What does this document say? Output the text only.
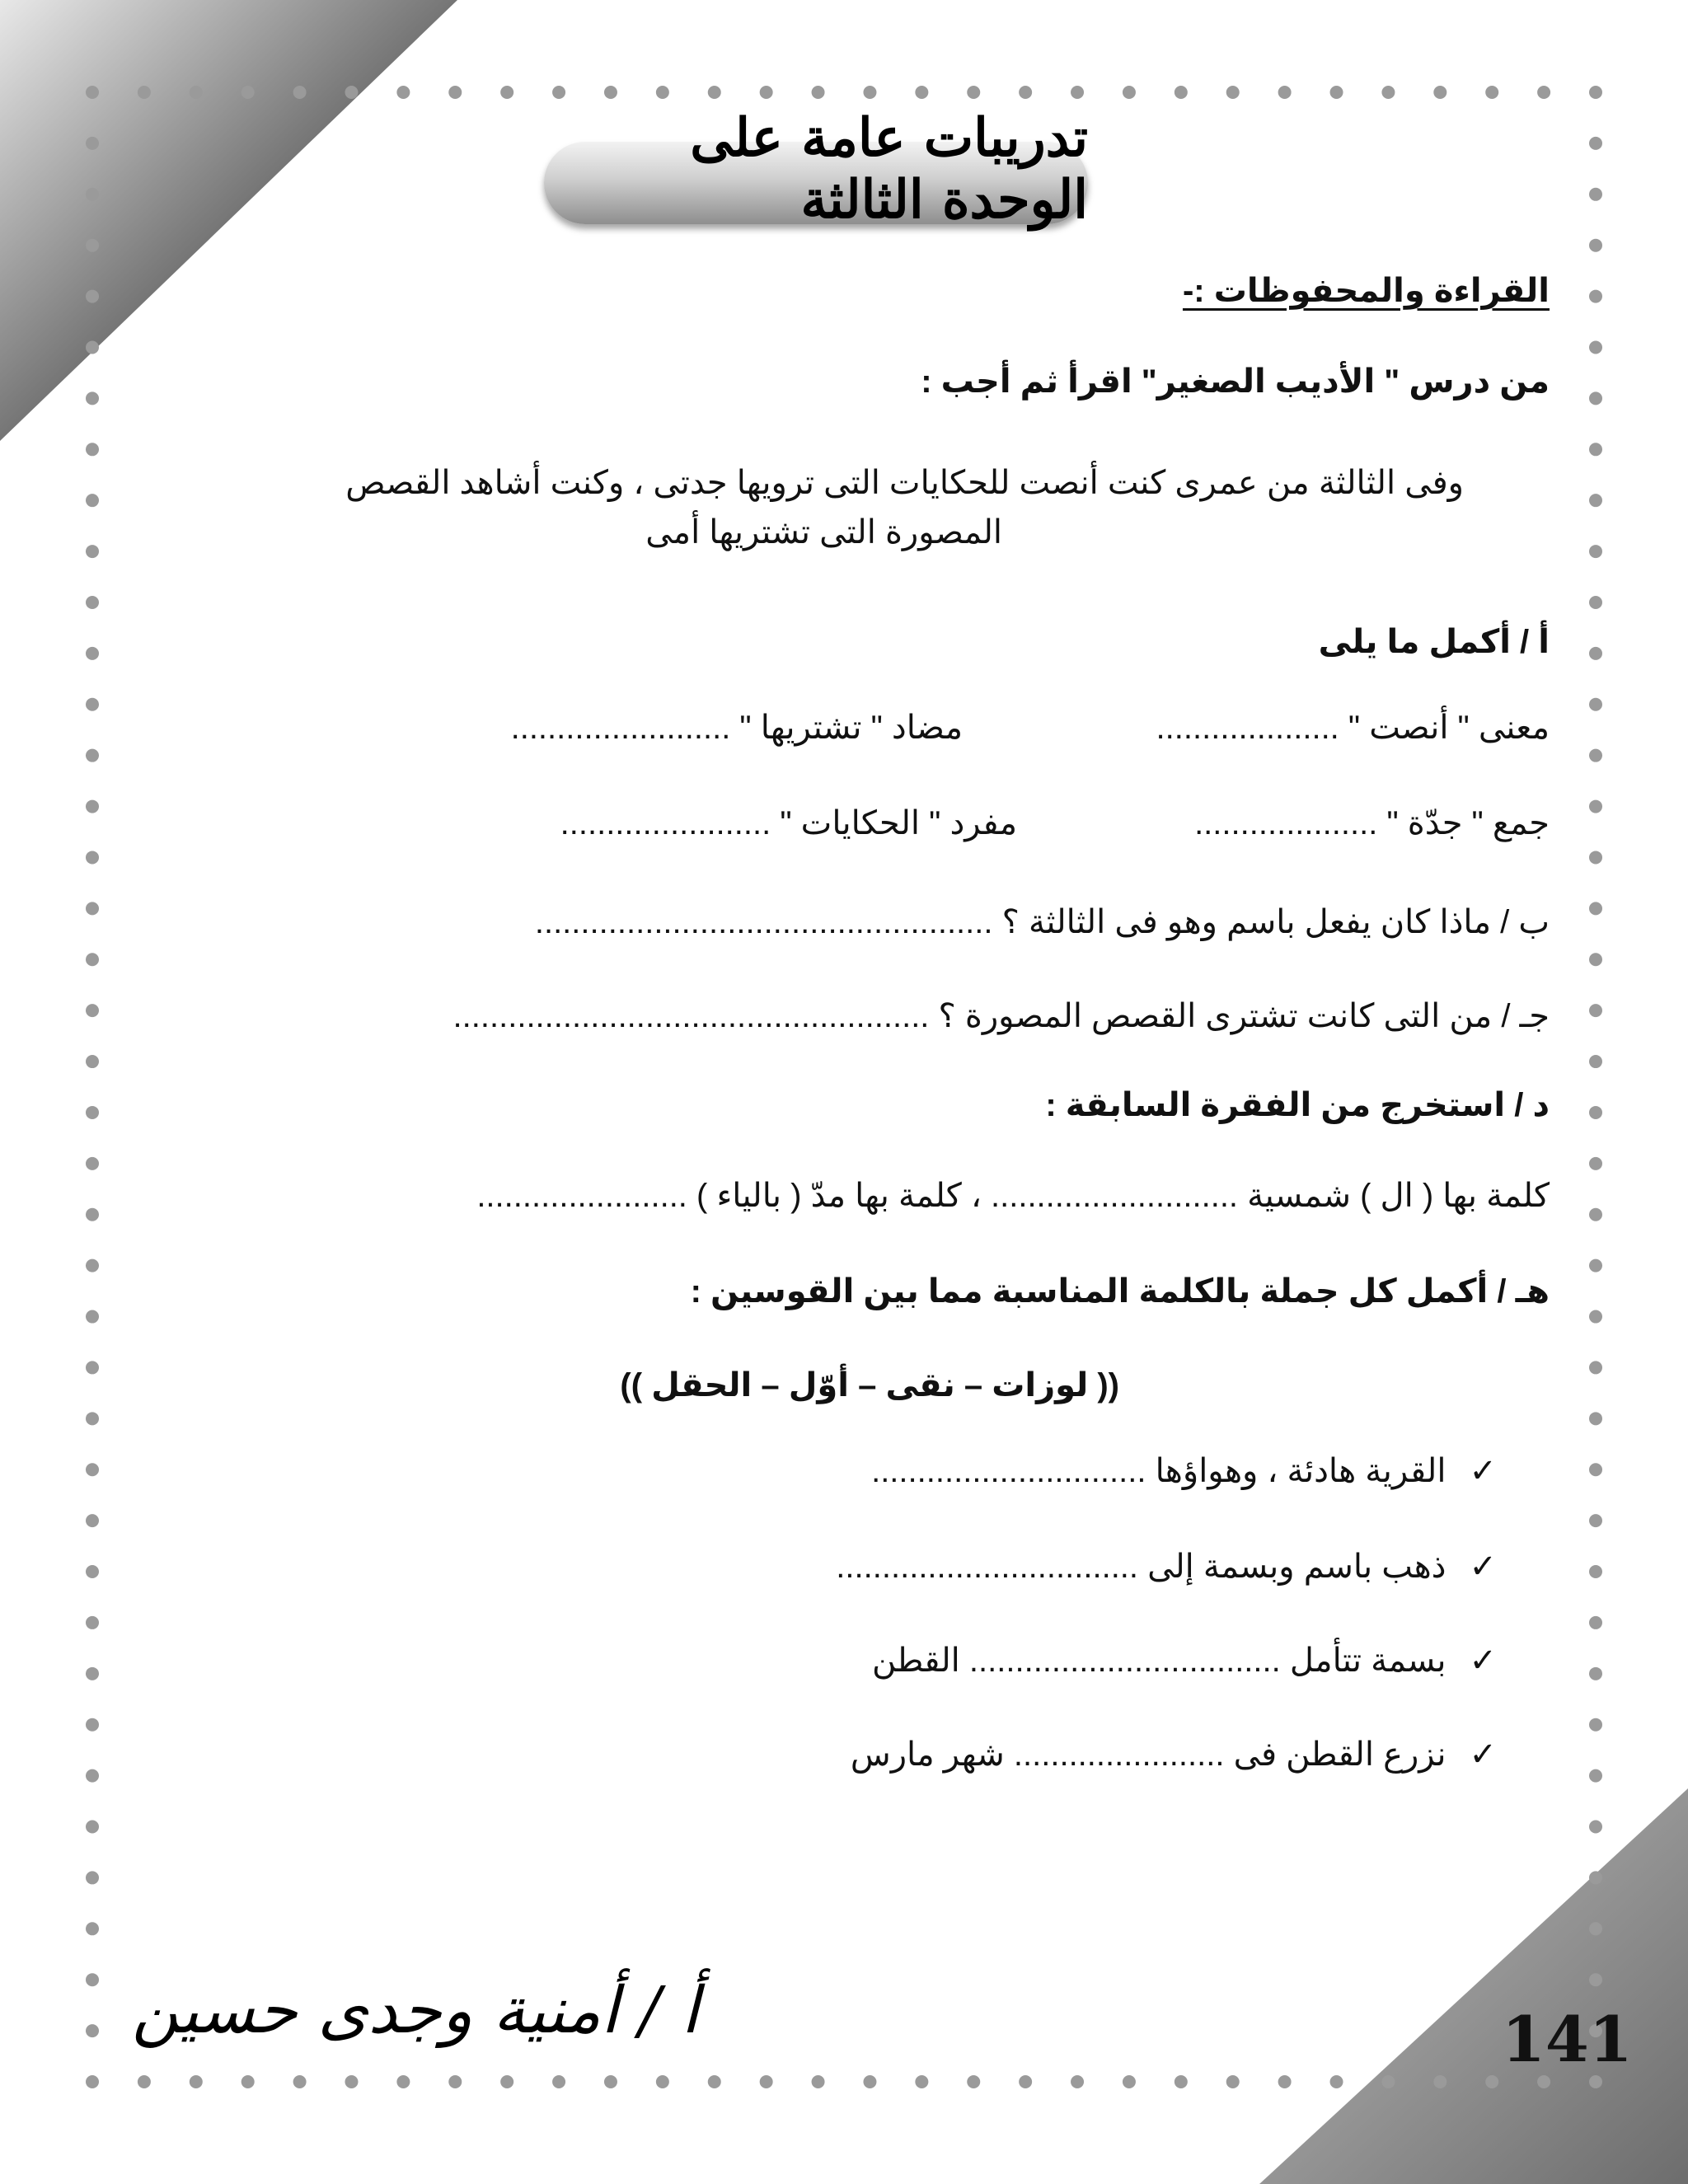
تدريبات عامة على الوحدة الثالثة
القراءة والمحفوظات :-
من درس " الأديب الصغير" اقرأ ثم أجب :
وفى الثالثة من عمرى كنت أنصت للحكايات التى ترويها جدتى ، وكنت أشاهد القصص
المصورة التى تشتريها أمى
أ / أكمل ما يلى
معنى " أنصت " ....................
مضاد " تشتريها " ........................
جمع " جدّة " ....................
مفرد " الحكايات " .......................
ب / ماذا كان يفعل باسم وهو فى الثالثة ؟ ..................................................
جـ / من التى كانت تشترى القصص المصورة ؟ ....................................................
د / استخرج من الفقرة السابقة :
كلمة بها ( ال ) شمسية ........................... ، كلمة بها مدّ ( بالياء ) .......................
هـ / أكمل كل جملة بالكلمة المناسبة مما بين القوسين :
(( لوزات – نقى – أوّل – الحقل ))
✓القرية هادئة ، وهواؤها ..............................
✓ذهب باسم وبسمة إلى .................................
✓بسمة تتأمل .................................. القطن
✓نزرع القطن فى ....................... شهر مارس
أ / أمنية وجدى حسين	141
